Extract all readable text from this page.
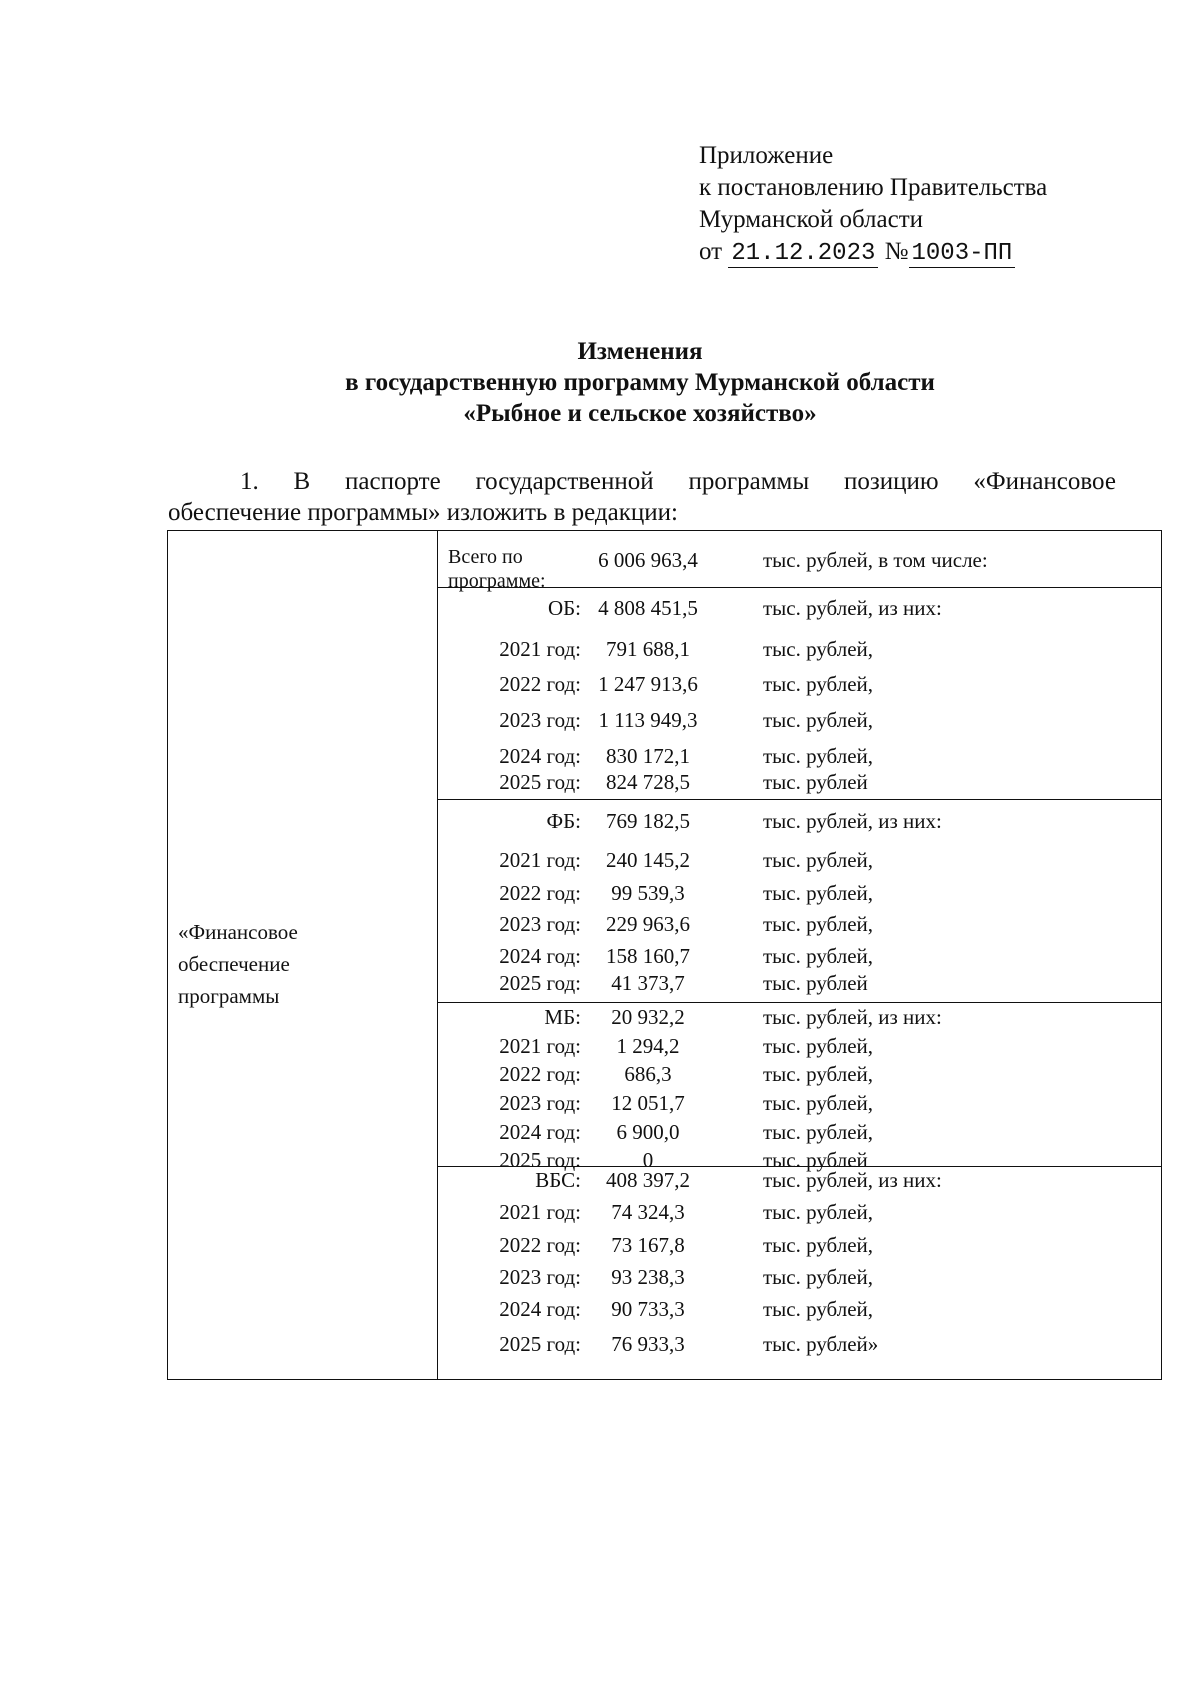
Приложение
к постановлению Правительства
Мурманской области
от 21.12.2023 № 1003-ПП
Изменения
в государственную программу Мурманской области
«Рыбное и сельское хозяйство»
1. В паспорте государственной программы позицию «Финансовое
обеспечение программы» изложить в редакции:
«Финансовое
обеспечение
программы
Всего по
программе:
6 006 963,4	тыс. рублей, в том числе:
ОБ: 4 808 451,5	тыс. рублей, из них:
2021 год:	791 688,1	тыс. рублей,
2022 год: 1 247 913,6	тыс. рублей,
2023 год: 1 113 949,3	тыс. рублей,
2024 год:	830 172,1	тыс. рублей,
2025 год:	824 728,5	тыс. рублей
ФБ:	769 182,5	тыс. рублей, из них:
2021 год:	240 145,2	тыс. рублей,
2022 год:	99 539,3	тыс. рублей,
2023 год:	229 963,6	тыс. рублей,
2024 год:	158 160,7	тыс. рублей,
2025 год:	41 373,7	тыс. рублей
МБ:	20 932,2	тыс. рублей, из них:
2021 год:	1 294,2	тыс. рублей,
2022 год:	686,3	тыс. рублей,
2023 год:	12 051,7	тыс. рублей,
2024 год:	6 900,0	тыс. рублей,
2025 год:	0	тыс. рублей
ВБС:	408 397,2	тыс. рублей, из них:
2021 год:	74 324,3	тыс. рублей,
2022 год:	73 167,8	тыс. рублей,
2023 год:	93 238,3	тыс. рублей,
2024 год:	90 733,3	тыс. рублей,
2025 год:	76 933,3	тыс. рублей»
